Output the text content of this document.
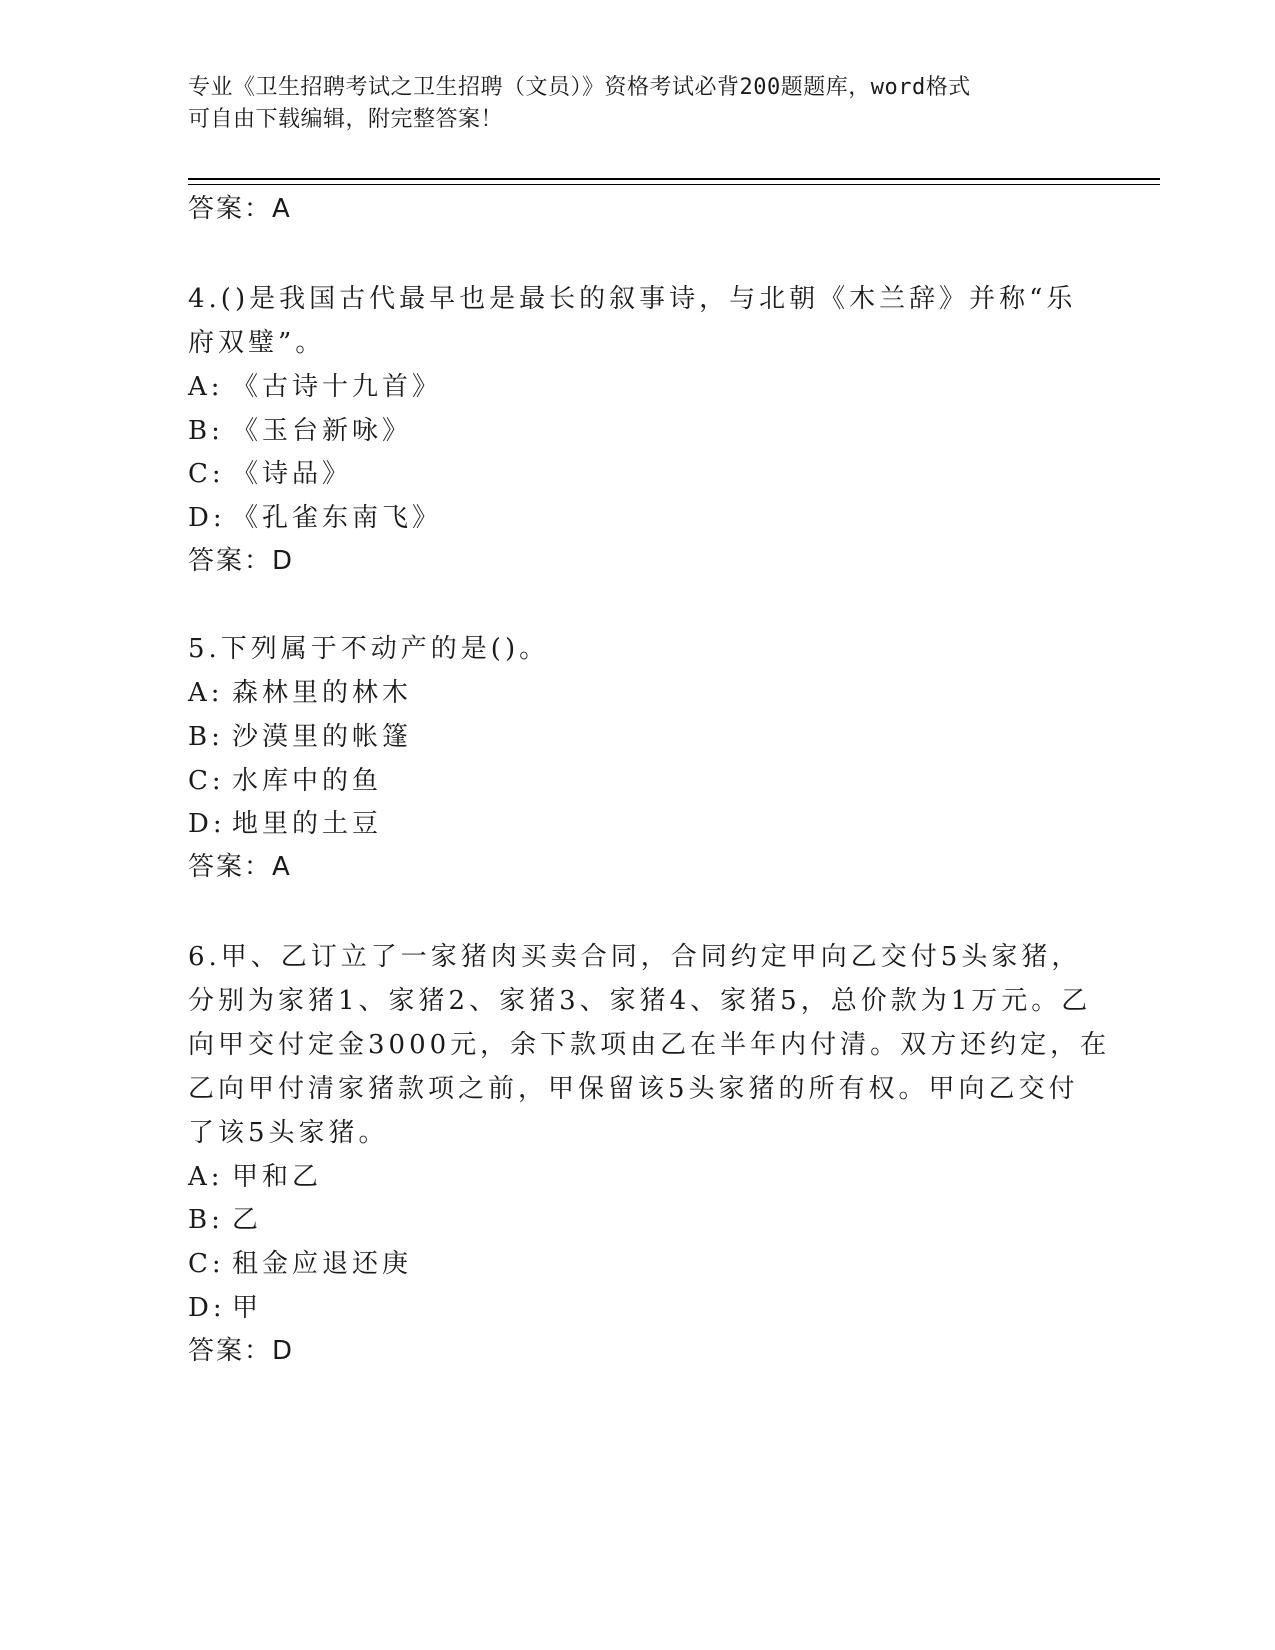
专业《卫生招聘考试之卫生招聘（文员）》资格考试必背200题题库，word格式
可自由下载编辑，附完整答案！
答案：A
4.()是我国古代最早也是最长的叙事诗，与北朝《木兰辞》并称“乐
府双璧”。
A: 《古诗十九首》
B: 《玉台新咏》
C: 《诗品》
D: 《孔雀东南飞》
答案：D
5.下列属于不动产的是()。
A: 森林里的林木
B: 沙漠里的帐篷
C: 水库中的鱼
D: 地里的土豆
答案：A
6.甲、乙订立了一家猪肉买卖合同，合同约定甲向乙交付5头家猪，
分别为家猪1、家猪2、家猪3、家猪4、家猪5，总价款为1万元。乙
向甲交付定金3000元，余下款项由乙在半年内付清。双方还约定，在
乙向甲付清家猪款项之前，甲保留该5头家猪的所有权。甲向乙交付
了该5头家猪。
A: 甲和乙
B: 乙
C: 租金应退还庚
D: 甲
答案：D
